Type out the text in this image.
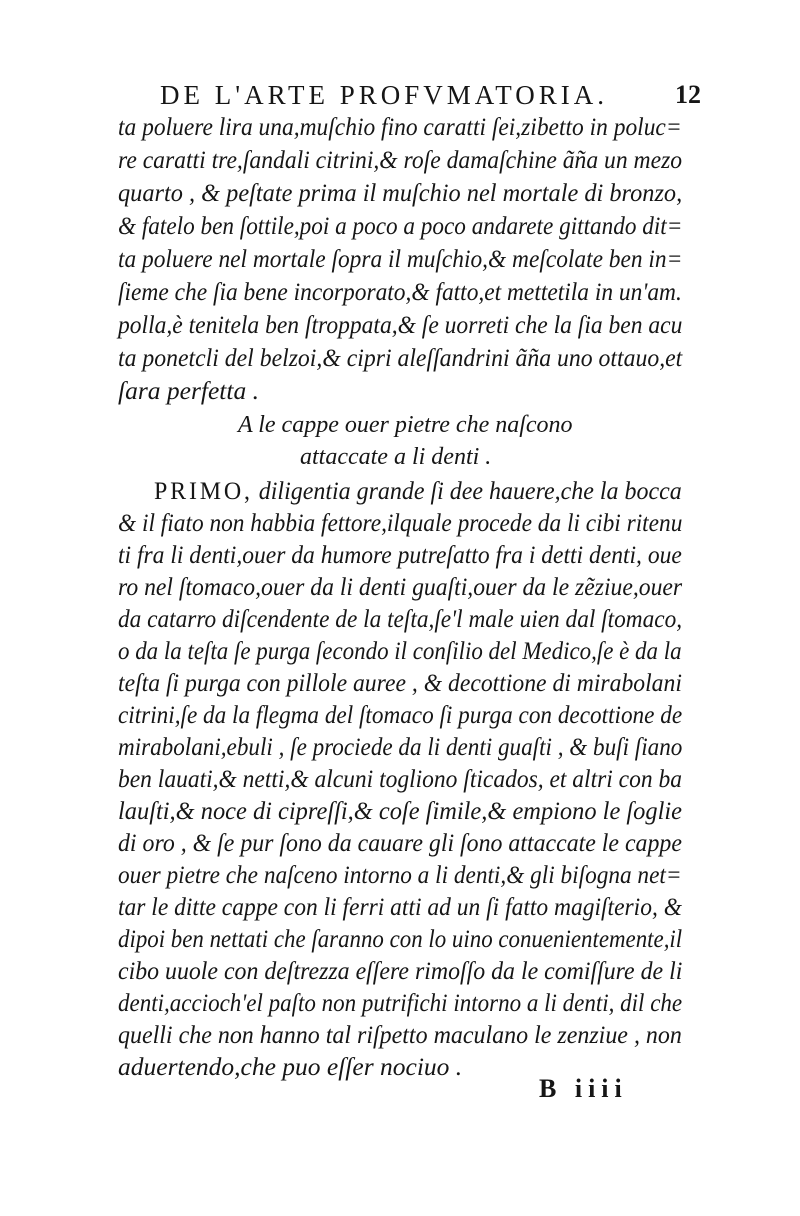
DE L'ARTE PROFVMATORIA.	12
ta poluere lira una,muſchio fino caratti ſei,zibetto in poluc=
re caratti tre,ſandali citrini,& roſe damaſchine ãña un mezo
quarto , & peſtate prima il muſchio nel mortale di bronzo,
& fatelo ben ſottile,poi a poco a poco andarete gittando dit=
ta poluere nel mortale ſopra il muſchio,& meſcolate ben in=
ſieme che ſia bene incorporato,& fatto,et mettetila in un'am.
polla,è tenitela ben ſtroppata,& ſe uorreti che la ſia ben acu
ta ponetcli del belzoi,& cipri aleſſandrini ãña uno ottauo,et
ſara perfetta .
A le cappe ouer pietre che naſcono
attaccate a li denti .
PRIMO, diligentia grande ſi dee hauere,che la bocca
& il fiato non habbia fettore,ilquale procede da li cibi ritenu
ti fra li denti,ouer da humore putreſatto fra i detti denti, oue
ro nel ſtomaco,ouer da li denti guaſti,ouer da le zẽziue,ouer
da catarro diſcendente de la teſta,ſe'l male uien dal ſtomaco,
o da la teſta ſe purga ſecondo il conſilio del Medico,ſe è da la
teſta ſi purga con pillole auree , & decottione di mirabolani
citrini,ſe da la flegma del ſtomaco ſi purga con decottione de
mirabolani,ebuli , ſe prociede da li denti guaſti , & buſi ſiano
ben lauati,& netti,& alcuni togliono ſticados, et altri con ba
lauſti,& noce di cipreſſi,& coſe ſimile,& empiono le ſoglie
di oro , & ſe pur ſono da cauare gli ſono attaccate le cappe
ouer pietre che naſceno intorno a li denti,& gli biſogna net=
tar le ditte cappe con li ferri atti ad un ſi fatto magiſterio, &
dipoi ben nettati che ſaranno con lo uino conuenientemente,il
cibo uuole con deſtrezza eſſere rimoſſo da le comiſſure de li
denti,accioch'el paſto non putrifichi intorno a li denti, dil che
quelli che non hanno tal riſpetto maculano le zenziue , non
aduertendo,che puo eſſer nociuo .
B iiii
